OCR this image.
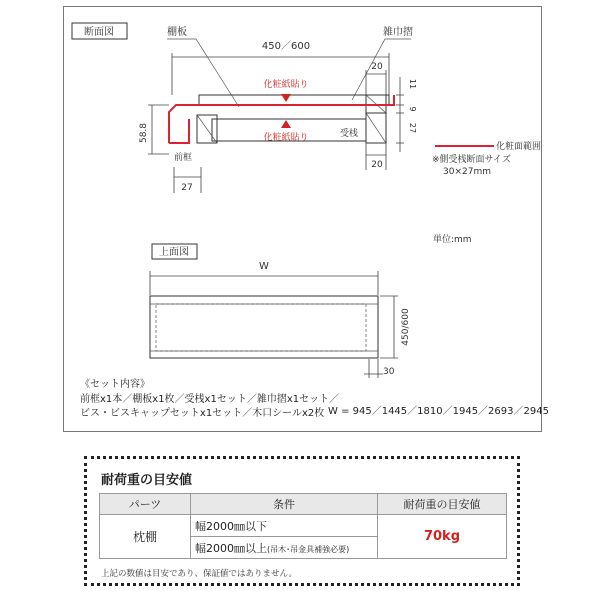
断面図	棚板	雑巾摺
450／600
化粧紙貼り
化粧紙貼り	受桟
20
11
9
27
20
58.8
前框
27
化粧面範囲
※側受桟断面サイズ
30×27mm
単位:mm
上面図
W
450/600
30
《セット内容》
前框x1本／棚板x1枚／受桟x1セット／雑巾摺x1セット／
ビス・ビスキャップセットx1セット／木口シールx2枚 W = 945／1445／1810／1945／2693／2945
耐荷重の目安値
パーツ	条件	耐荷重の目安値
枕棚	幅2000㎜以下	70kg
	幅2000㎜以上(吊木･吊金具補強必要)	
上記の数値は目安であり、保証値ではありません。
